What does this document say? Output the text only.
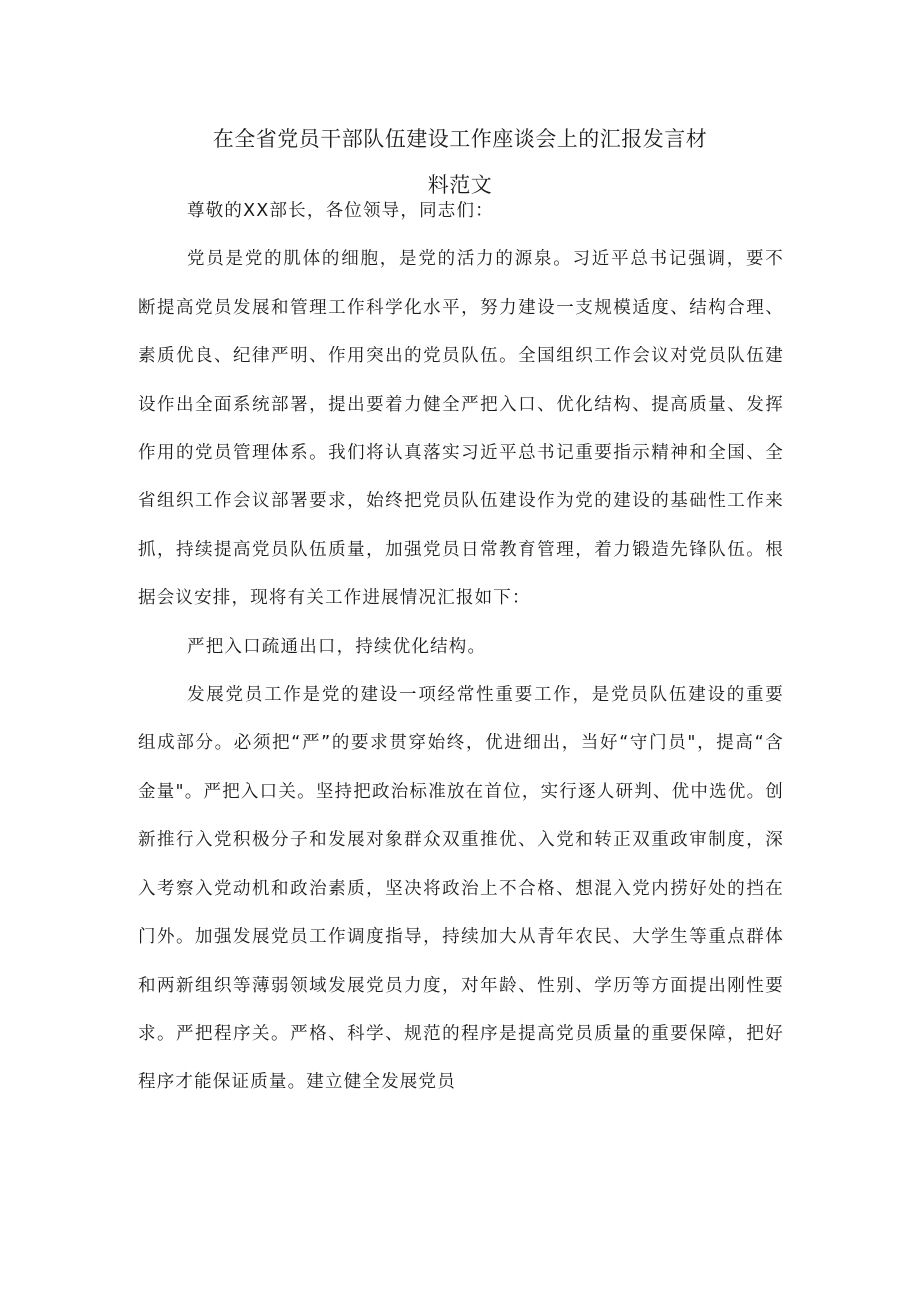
在全省党员干部队伍建设工作座谈会上的汇报发言材
料范文

尊敬的XX部长，各位领导，同志们：

党员是党的肌体的细胞，是党的活力的源泉。习近平总书记强调，要不断提高党员发展和管理工作科学化水平，努力建设一支规模适度、结构合理、素质优良、纪律严明、作用突出的党员队伍。全国组织工作会议对党员队伍建设作出全面系统部署，提出要着力健全严把入口、优化结构、提高质量、发挥作用的党员管理体系。我们将认真落实习近平总书记重要指示精神和全国、全省组织工作会议部署要求，始终把党员队伍建设作为党的建设的基础性工作来抓，持续提高党员队伍质量，加强党员日常教育管理，着力锻造先锋队伍。根据会议安排，现将有关工作进展情况汇报如下：

严把入口疏通出口，持续优化结构。

发展党员工作是党的建设一项经常性重要工作，是党员队伍建设的重要组成部分。必须把“严”的要求贯穿始终，优进细出，当好“守门员"，提高“含金量"。严把入口关。坚持把政治标准放在首位，实行逐人研判、优中选优。创新推行入党积极分子和发展对象群众双重推优、入党和转正双重政审制度，深入考察入党动机和政治素质，坚决将政治上不合格、想混入党内捞好处的挡在门外。加强发展党员工作调度指导，持续加大从青年农民、大学生等重点群体和两新组织等薄弱领域发展党员力度，对年龄、性别、学历等方面提出刚性要求。严把程序关。严格、科学、规范的程序是提高党员质量的重要保障，把好程序才能保证质量。建立健全发展党员
